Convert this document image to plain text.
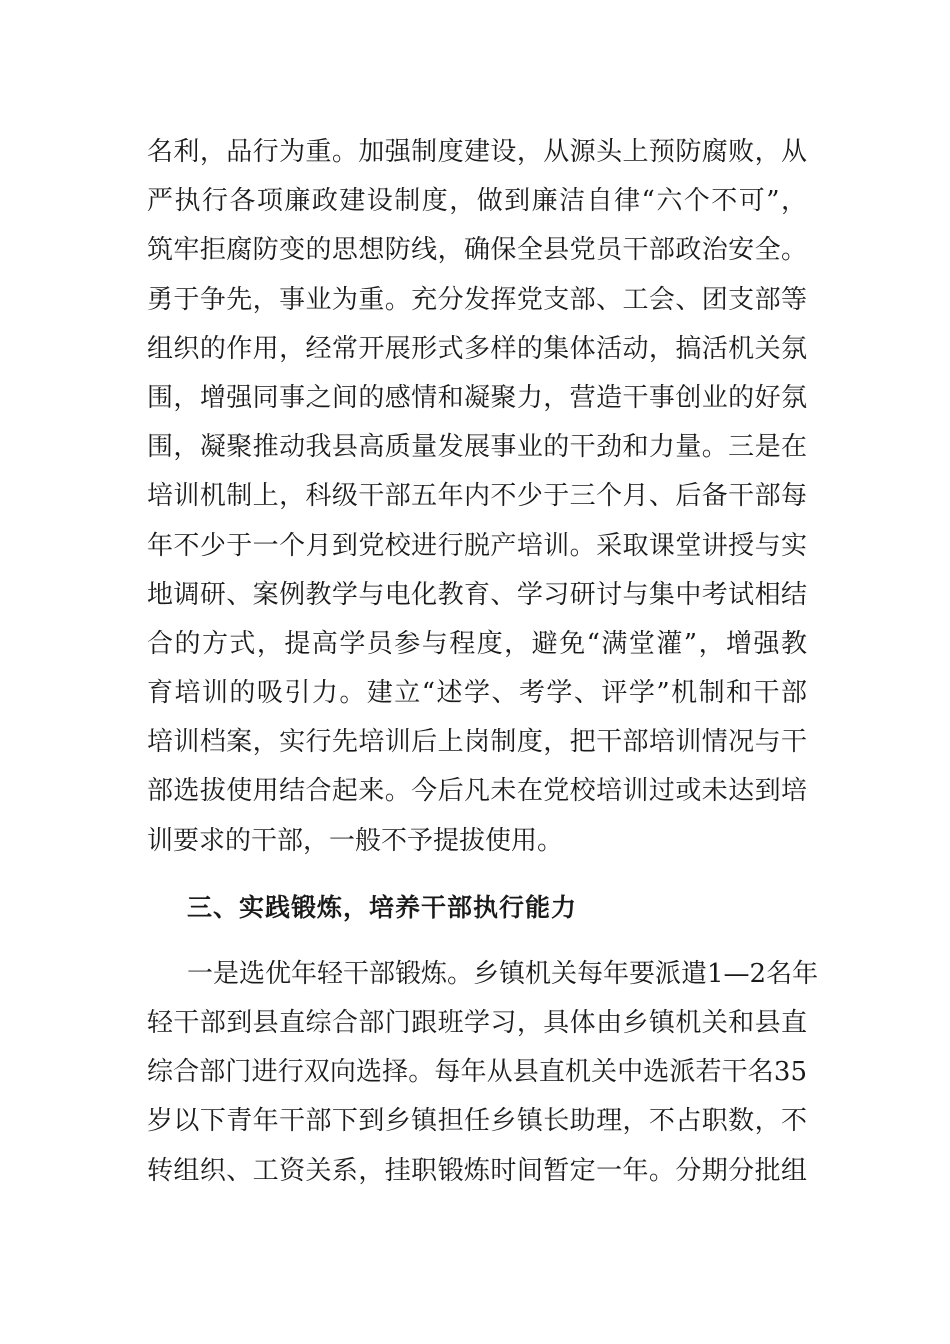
名利，品行为重。加强制度建设，从源头上预防腐败，从
严执行各项廉政建设制度，做到廉洁自律“六个不可”，
筑牢拒腐防变的思想防线，确保全县党员干部政治安全。
勇于争先，事业为重。充分发挥党支部、工会、团支部等
组织的作用，经常开展形式多样的集体活动，搞活机关氛
围，增强同事之间的感情和凝聚力，营造干事创业的好氛
围，凝聚推动我县高质量发展事业的干劲和力量。三是在
培训机制上，科级干部五年内不少于三个月、后备干部每
年不少于一个月到党校进行脱产培训。采取课堂讲授与实
地调研、案例教学与电化教育、学习研讨与集中考试相结
合的方式，提高学员参与程度，避免“满堂灌”，增强教
育培训的吸引力。建立“述学、考学、评学”机制和干部
培训档案，实行先培训后上岗制度，把干部培训情况与干
部选拔使用结合起来。今后凡未在党校培训过或未达到培
训要求的干部，一般不予提拔使用。
三、实践锻炼，培养干部执行能力
一是选优年轻干部锻炼。乡镇机关每年要派遣1—2名年
轻干部到县直综合部门跟班学习，具体由乡镇机关和县直
综合部门进行双向选择。每年从县直机关中选派若干名35
岁以下青年干部下到乡镇担任乡镇长助理，不占职数，不
转组织、工资关系，挂职锻炼时间暂定一年。分期分批组
